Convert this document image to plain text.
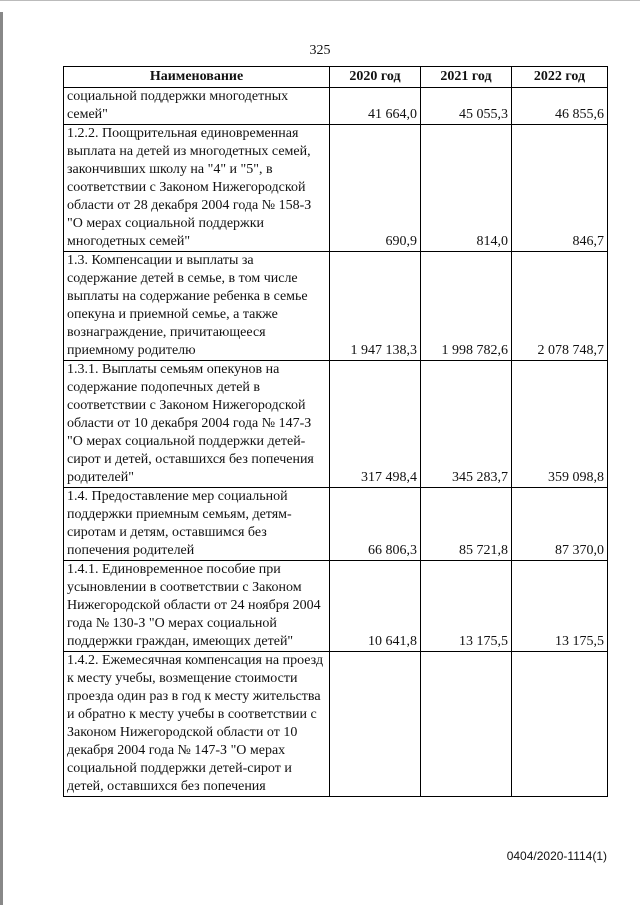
325
Наименование	2020 год	2021 год	2022 год
социальной поддержки многодетных семей"	41 664,0	45 055,3	46 855,6
1.2.2. Поощрительная единовременная выплата на детей из многодетных семей, закончивших школу на "4" и "5", в соответствии с Законом Нижегородской области от 28 декабря 2004 года № 158-З "О мерах социальной поддержки многодетных семей"	690,9	814,0	846,7
1.3. Компенсации и выплаты за содержание детей в семье, в том числе выплаты на содержание ребенка в семье опекуна и приемной семье, а также вознаграждение, причитающееся приемному родителю	1 947 138,3	1 998 782,6	2 078 748,7
1.3.1. Выплаты семьям опекунов на содержание подопечных детей в соответствии с Законом Нижегородской области от 10 декабря 2004 года № 147-З "О мерах социальной поддержки детей-сирот и детей, оставшихся без попечения родителей"	317 498,4	345 283,7	359 098,8
1.4. Предоставление мер социальной поддержки приемным семьям, детям-сиротам и детям, оставшимся без попечения родителей	66 806,3	85 721,8	87 370,0
1.4.1. Единовременное пособие при усыновлении в соответствии с Законом Нижегородской области от 24 ноября 2004 года № 130-З "О мерах социальной поддержки граждан, имеющих детей"	10 641,8	13 175,5	13 175,5
1.4.2. Ежемесячная компенсация на проезд к месту учебы, возмещение стоимости проезда один раз в год к месту жительства и обратно к месту учебы в соответствии с Законом Нижегородской области от 10 декабря 2004 года № 147-З "О мерах социальной поддержки детей-сирот и детей, оставшихся без попечения			
0404/2020-1114(1)
